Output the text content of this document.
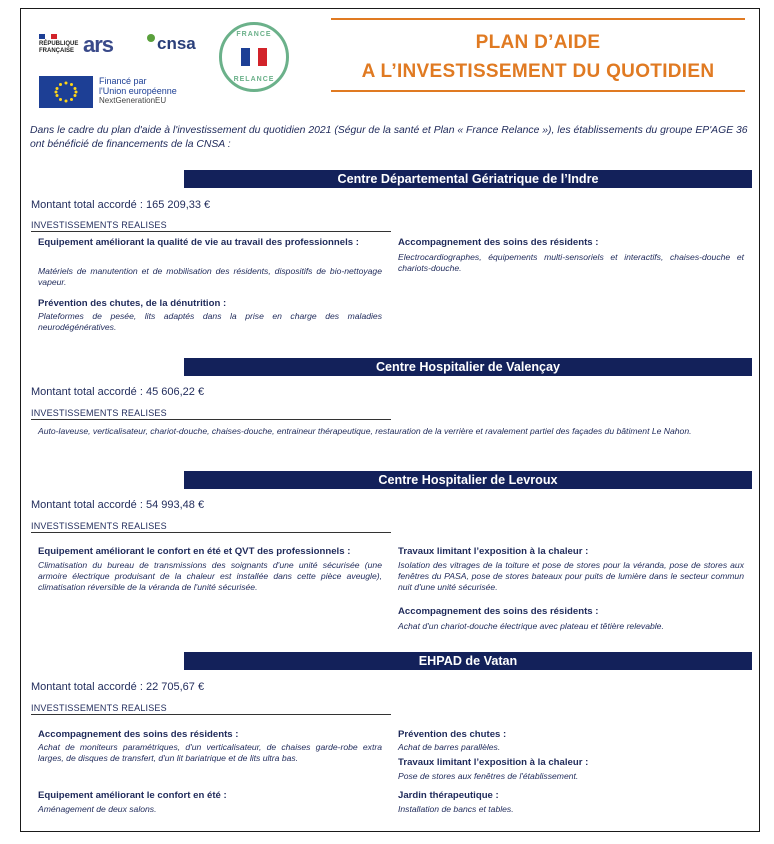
RÉPUBLIQUE FRANÇAISE ars	cnsa
Financé par
l'Union européenne
NextGenerationEU
FRANCE
RELANCE
PLAN D’AIDE
A L’INVESTISSEMENT DU QUOTIDIEN
Dans le cadre du plan d'aide à l'investissement du quotidien 2021 (Ségur de la santé et Plan « France Relance »), les établissements du groupe EP'AGE 36 ont bénéficié de financements de la CNSA :
Centre Départemental Gériatrique de l’Indre
Montant total accordé : 165 209,33 €
INVESTISSEMENTS REALISES
Equipement améliorant la qualité de vie au travail des professionnels :
Matériels de manutention et de mobilisation des résidents, dispositifs de bio-nettoyage vapeur.
Prévention des chutes, de la dénutrition :
Plateformes de pesée, lits adaptés dans la prise en charge des maladies neurodégénératives.
Accompagnement des soins des résidents :
Electrocardiographes, équipements multi-sensoriels et interactifs, chaises-douche et chariots-douche.
Centre Hospitalier de Valençay
Montant total accordé : 45 606,22 €
INVESTISSEMENTS REALISES
Auto-laveuse, verticalisateur, chariot-douche, chaises-douche, entraineur thérapeutique, restauration de la verrière et ravalement partiel des façades du bâtiment Le Nahon.
Centre Hospitalier de Levroux
Montant total accordé : 54 993,48 €
INVESTISSEMENTS REALISES
Equipement améliorant le confort en été et QVT des professionnels :
Climatisation du bureau de transmissions des soignants d'une unité sécurisée (une armoire électrique produisant de la chaleur est installée dans cette pièce aveugle), climatisation réversible de la véranda de l'unité sécurisée.
Travaux limitant l’exposition à la chaleur :
Isolation des vitrages de la toiture et pose de stores pour la véranda, pose de stores aux fenêtres du PASA, pose de stores bateaux pour puits de lumière dans le secteur commun nuit d'une unité sécurisée.
Accompagnement des soins des résidents :
Achat d'un chariot-douche électrique avec plateau et têtière relevable.
EHPAD de Vatan
Montant total accordé : 22 705,67 €
INVESTISSEMENTS REALISES
Accompagnement des soins des résidents :
Achat de moniteurs paramétriques, d'un verticalisateur, de chaises garde-robe extra larges, de disques de transfert, d'un lit bariatrique et de lits ultra bas.
Equipement améliorant le confort en été :
Aménagement de deux salons.
Prévention des chutes :
Achat de barres parallèles.
Travaux limitant l’exposition à la chaleur :
Pose de stores aux fenêtres de l'établissement.
Jardin thérapeutique :
Installation de bancs et tables.
